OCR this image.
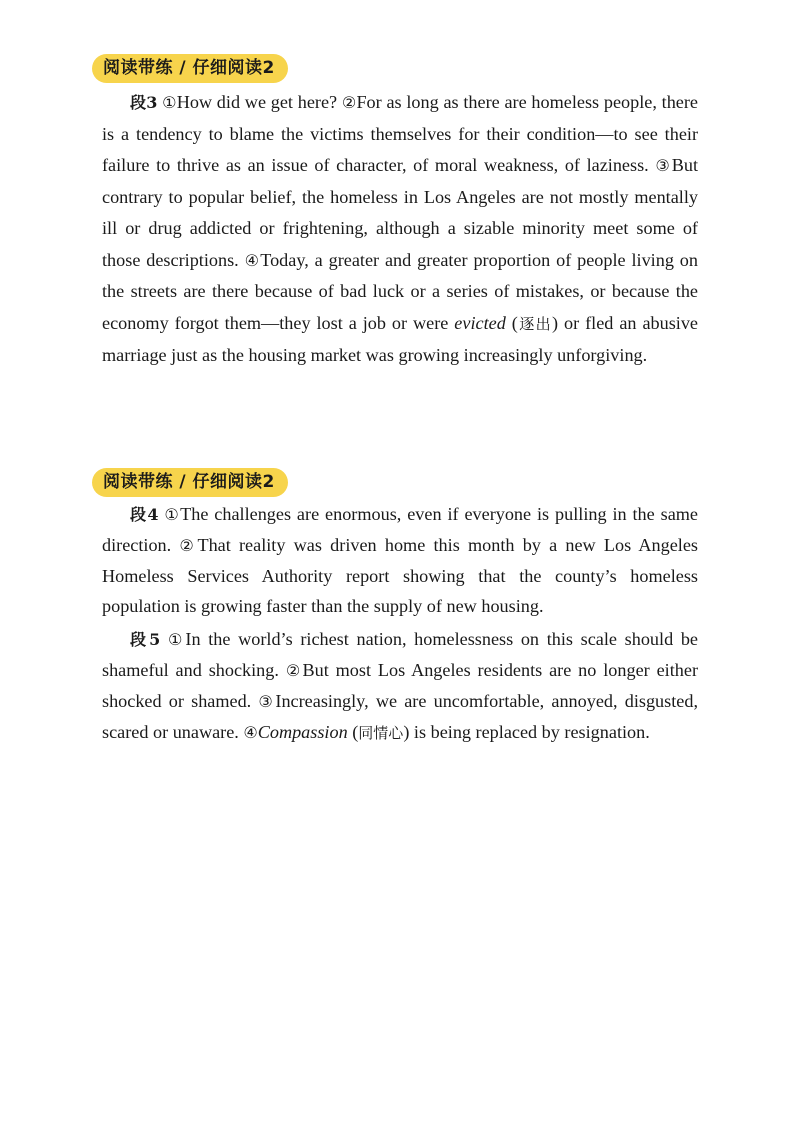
阅读带练 / 仔细阅读2

段3 ①How did we get here? ②For as long as there are homeless people, there is a tendency to blame the victims themselves for their condition—to see their failure to thrive as an issue of character, of moral weakness, of laziness. ③But contrary to popular belief, the homeless in Los Angeles are not mostly mentally ill or drug addicted or frightening, although a sizable minority meet some of those descriptions. ④Today, a greater and greater proportion of people living on the streets are there because of bad luck or a series of mistakes, or because the economy forgot them—they lost a job or were evicted (逐出) or fled an abusive marriage just as the housing market was growing increasingly unforgiving.

阅读带练 / 仔细阅读2

段4 ①The challenges are enormous, even if everyone is pulling in the same direction. ②That reality was driven home this month by a new Los Angeles Homeless Services Authority report showing that the county’s homeless population is growing faster than the supply of new housing.

段5 ①In the world’s richest nation, homelessness on this scale should be shameful and shocking. ②But most Los Angeles residents are no longer either shocked or shamed. ③Increasingly, we are uncomfortable, annoyed, disgusted, scared or unaware. ④Compassion (同情心) is being replaced by resignation.
